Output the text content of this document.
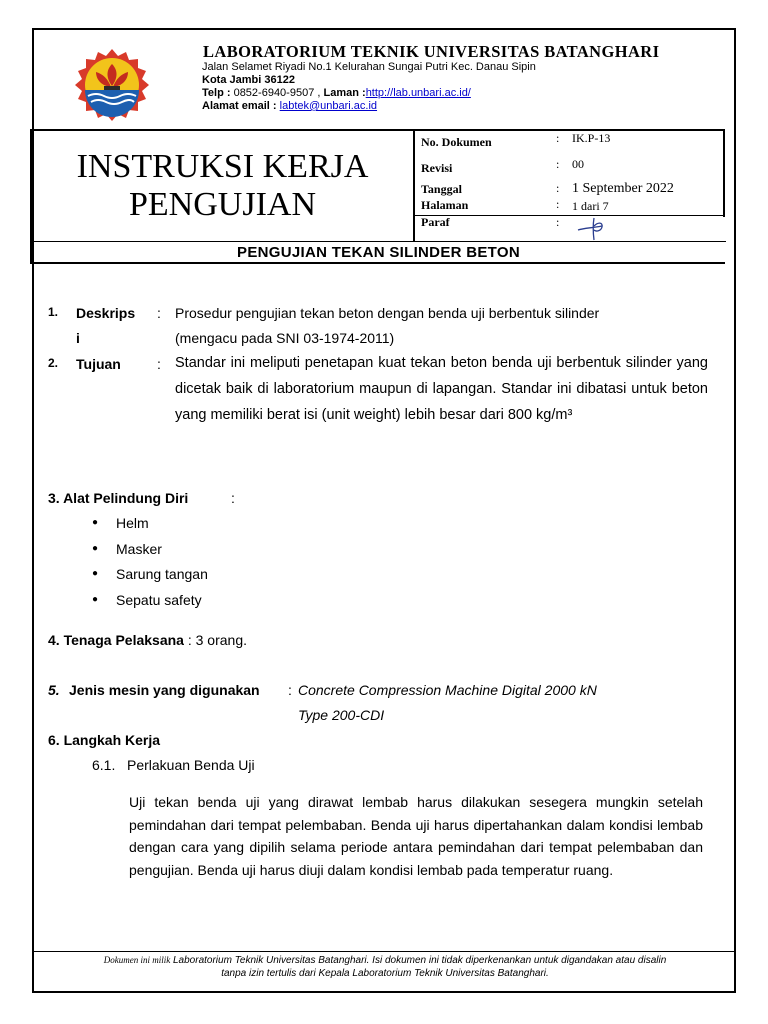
LABORATORIUM TEKNIK UNIVERSITAS BATANGHARI
Jalan Selamet Riyadi No.1 Kelurahan Sungai Putri Kec. Danau Sipin
Kota Jambi 36122
Telp : 0852-6940-9507 , Laman :http://lab.unbari.ac.id/
Alamat email : labtek@unbari.ac.id
INSTRUKSI KERJA
PENGUJIAN
No. Dokumen	: IK.P-13
Revisi	: 00
Tanggal	: 1 September 2022
Halaman	: 1 dari 7
Paraf	:
PENGUJIAN TEKAN SILINDER BETON
1. Deskrips
i
: Prosedur pengujian tekan beton dengan benda uji berbentuk silinder
(mengacu pada SNI 03-1974-2011)
2. Tujuan	: Standar ini meliputi penetapan kuat tekan beton benda uji berbentuk silinder yang dicetak baik di laboratorium maupun di lapangan. Standar ini dibatasi untuk beton yang memiliki berat isi (unit weight) lebih besar dari 800 kg/m³
3. Alat Pelindung Diri	:
● Helm
● Masker
● Sarung tangan
● Sepatu safety
4. Tenaga Pelaksana : 3 orang.
5. Jenis mesin yang digunakan : Concrete Compression Machine Digital 2000 kN
Type 200-CDI
6. Langkah Kerja
6.1. Perlakuan Benda Uji
Uji tekan benda uji yang dirawat lembab harus dilakukan sesegera mungkin setelah pemindahan dari tempat pelembaban. Benda uji harus dipertahankan dalam kondisi lembab dengan cara yang dipilih selama periode antara pemindahan dari tempat pelembaban dan pengujian. Benda uji harus diuji dalam kondisi lembab pada temperatur ruang.
Dokumen ini milik Laboratorium Teknik Universitas Batanghari. Isi dokumen ini tidak diperkenankan untuk digandakan atau disalin
tanpa izin tertulis dari Kepala Laboratorium Teknik Universitas Batanghari.
